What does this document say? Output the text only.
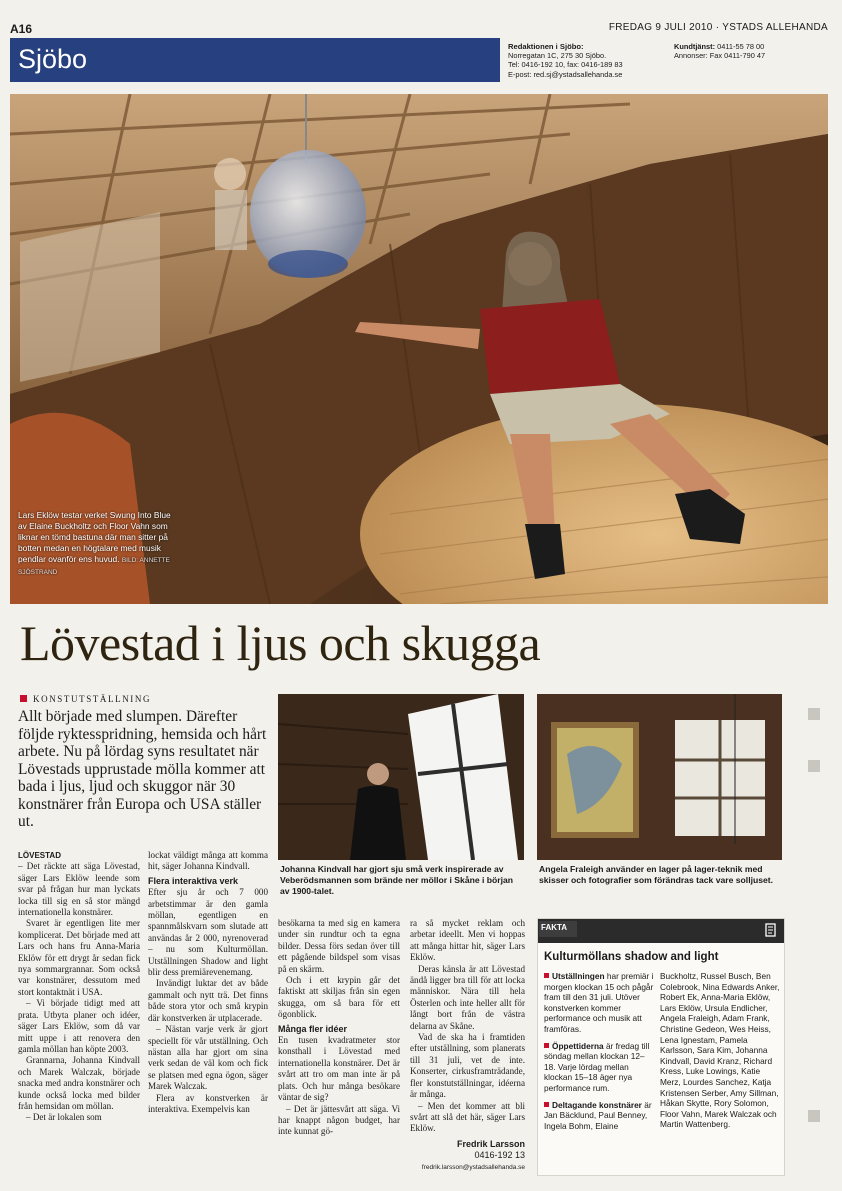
A16	FREDAG 9 JULI 2010 · YSTADS ALLEHANDA
Sjöbo	Redaktionen i Sjöbo:
Norregatan 1C, 275 30 Sjöbo.
Tel: 0416-192 10, fax: 0416-189 83
E-post: red.sj@ystadsallehanda.se
Kundtjänst: 0411-55 78 00
Annonser: Fax 0411-790 47
Lars Eklöw testar verket Swung Into Blue av Elaine Buckholtz och Floor Vahn som liknar en tömd bastuna där man sitter på botten medan en högtalare med musik pendlar ovanför ens huvud. BILD: ANNETTE SJÖSTRAND
Lövestad i ljus och skugga
KONSTUTSTÄLLNING
Allt började med slumpen. Därefter följde ryktesspridning, hemsida och hårt arbete. Nu på lördag syns resultatet när Lövestads upprustade mölla kommer att bada i ljus, ljud och skuggor när 30 konstnärer från Europa och USA ställer ut.
LÖVESTAD

– Det räckte att säga Lövestad, säger Lars Eklöw leende som svar på frågan hur man lyckats locka till sig en så stor mängd internationella konstnärer.

Svaret är egentligen lite mer komplicerat. Det började med att Lars och hans fru Anna-Maria Eklöw för ett drygt år sedan fick nya sommargrannar. Som också var konstnärer, dessutom med stort kontaktnät i USA.

– Vi började tidigt med att prata. Utbyta planer och idéer, säger Lars Eklöw, som då var mitt uppe i att renovera den gamla möllan han köpte 2003.

Grannarna, Johanna Kindvall och Marek Walczak, började snacka med andra konstnärer och kunde också locka med bilder från hemsidan om möllan.

– Det är lokalen som

lockat väldigt många att komma hit, säger Johanna Kindvall.

Flera interaktiva verk

Efter sju år och 7 000 arbetstimmar är den gamla möllan, egentligen en spannmålskvarn som slutade att användas år 2 000, nyrenoverad – nu som Kulturmöllan. Utställningen Shadow and light blir dess premiärevenemang.

Invändigt luktar det av både gammalt och nytt trä. Det finns både stora ytor och små krypin där konstverken är utplacerade.

– Nästan varje verk är gjort speciellt för vår utställning. Och nästan alla har gjort om sina verk sedan de väl kom och fick se platsen med egna ögon, säger Marek Walczak.

Flera av konstverken är interaktiva. Exempelvis kan

besökarna ta med sig en kamera under sin rundtur och ta egna bilder. Dessa förs sedan över till ett pågående bildspel som visas på en skärm.

Och i ett krypin går det faktiskt att skiljas från sin egen skugga, om så bara för ett ögonblick.

Många fler idéer

En tusen kvadratmeter stor konsthall i Lövestad med internationella konstnärer. Det är svårt att tro om man inte är på plats. Och hur många besökare väntar de sig?

– Det är jättesvårt att säga. Vi har knappt någon budget, har inte kunnat gö-

ra så mycket reklam och arbetar ideellt. Men vi hoppas att många hittar hit, säger Lars Eklöw.

Deras känsla är att Lövestad ändå ligger bra till för att locka människor. Nära till hela Österlen och inte heller allt för långt bort från de västra delarna av Skåne.

Vad de ska ha i framtiden efter utställning, som planerats till 31 juli, vet de inte. Konserter, cirkusframträdande, fler konstutställningar, idéerna är många.

– Men det kommer att bli svårt att slå det här, säger Lars Eklöw.

Fredrik Larsson
0416-192 13
fredrik.larsson@ystadsallehanda.se
Johanna Kindvall har gjort sju små verk inspirerade av Veberödsmannen som brände ner möllor i Skåne i början av 1900-talet.
Angela Fraleigh använder en lager på lager-teknik med skisser och fotografier som förändras tack vare solljuset.
FAKTA
Kulturmöllans shadow and light

Utställningen har premiär i morgen klockan 15 och pågår fram till den 31 juli. Utöver konstverken kommer performance och musik att framföras.

Öppettiderna är fredag till söndag mellan klockan 12–18. Varje lördag mellan klockan 15–18 äger nya performance rum.

Deltagande konstnärer är Jan Bäcklund, Paul Benney, Ingela Bohm, Elaine

Buckholtz, Russel Busch, Ben Colebrook, Nina Edwards Anker, Robert Ek, Anna-Maria Eklöw, Lars Eklöw, Ursula Endlicher, Angela Fraleigh, Adam Frank, Christine Gedeon, Wes Heiss, Lena Ignestam, Pamela Karlsson, Sara Kim, Johanna Kindvall, David Kranz, Richard Kress, Luke Lowings, Katie Merz, Lourdes Sanchez, Katja Kristensen Serber, Amy Sillman, Håkan Skytte, Rory Solomon, Floor Vahn, Marek Walczak och Martin Wattenberg.
